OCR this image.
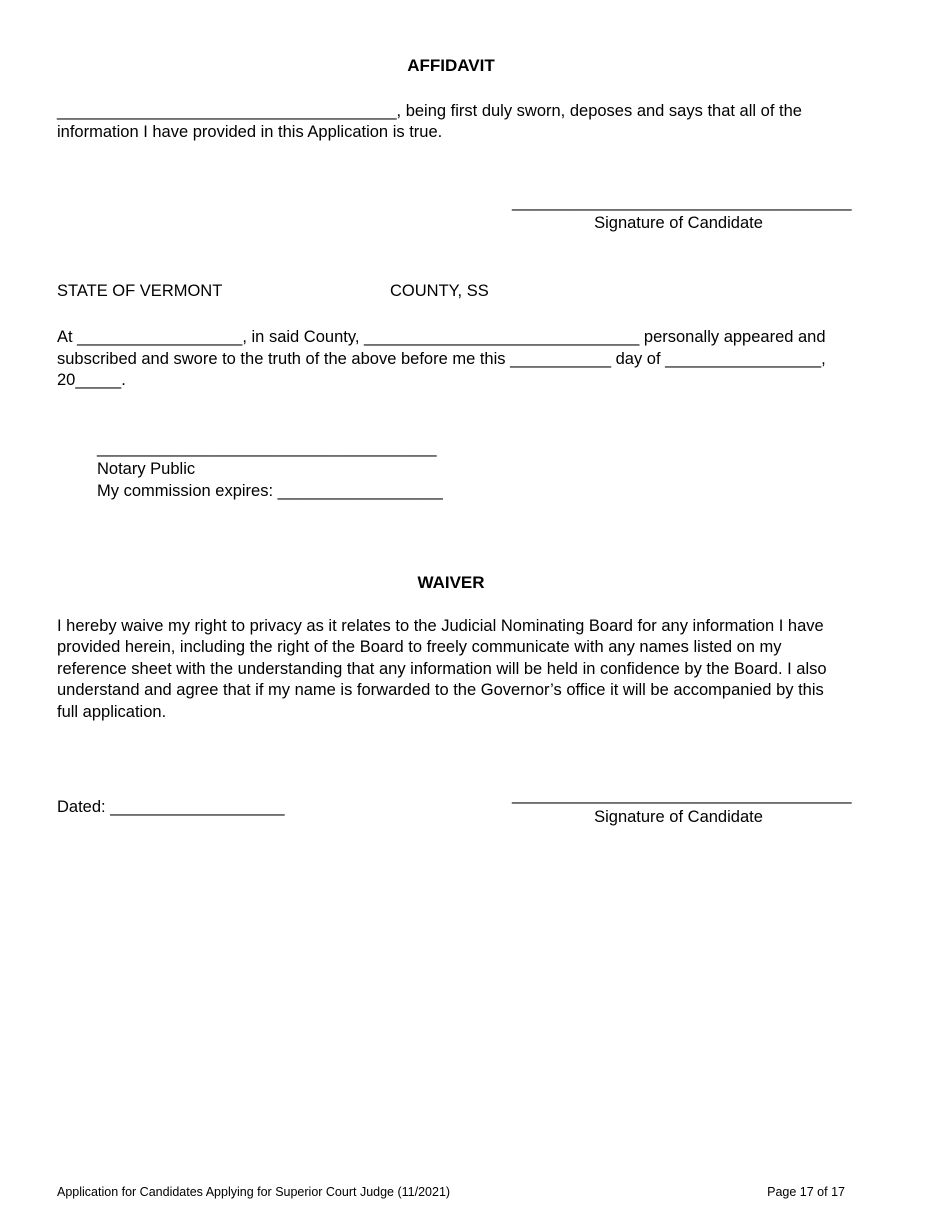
AFFIDAVIT

_____________________________________, being first duly sworn, deposes and says that all of the information I have provided in this Application is true.

_____________________________________
Signature of Candidate
STATE OF VERMONT	COUNTY, SS

At __________________, in said County, ______________________________ personally appeared and subscribed and swore to the truth of the above before me this ___________ day of _________________, 20_____.

_____________________________________
Notary Public
My commission expires: __________________
WAIVER

I hereby waive my right to privacy as it relates to the Judicial Nominating Board for any information I have provided herein, including the right of the Board to freely communicate with any names listed on my reference sheet with the understanding that any information will be held in confidence by the Board. I also understand and agree that if my name is forwarded to the Governor’s office it will be accompanied by this full application.

Dated: ___________________
_____________________________________
Signature of Candidate
Application for Candidates Applying for Superior Court Judge (11/2021)	Page 17 of 17
